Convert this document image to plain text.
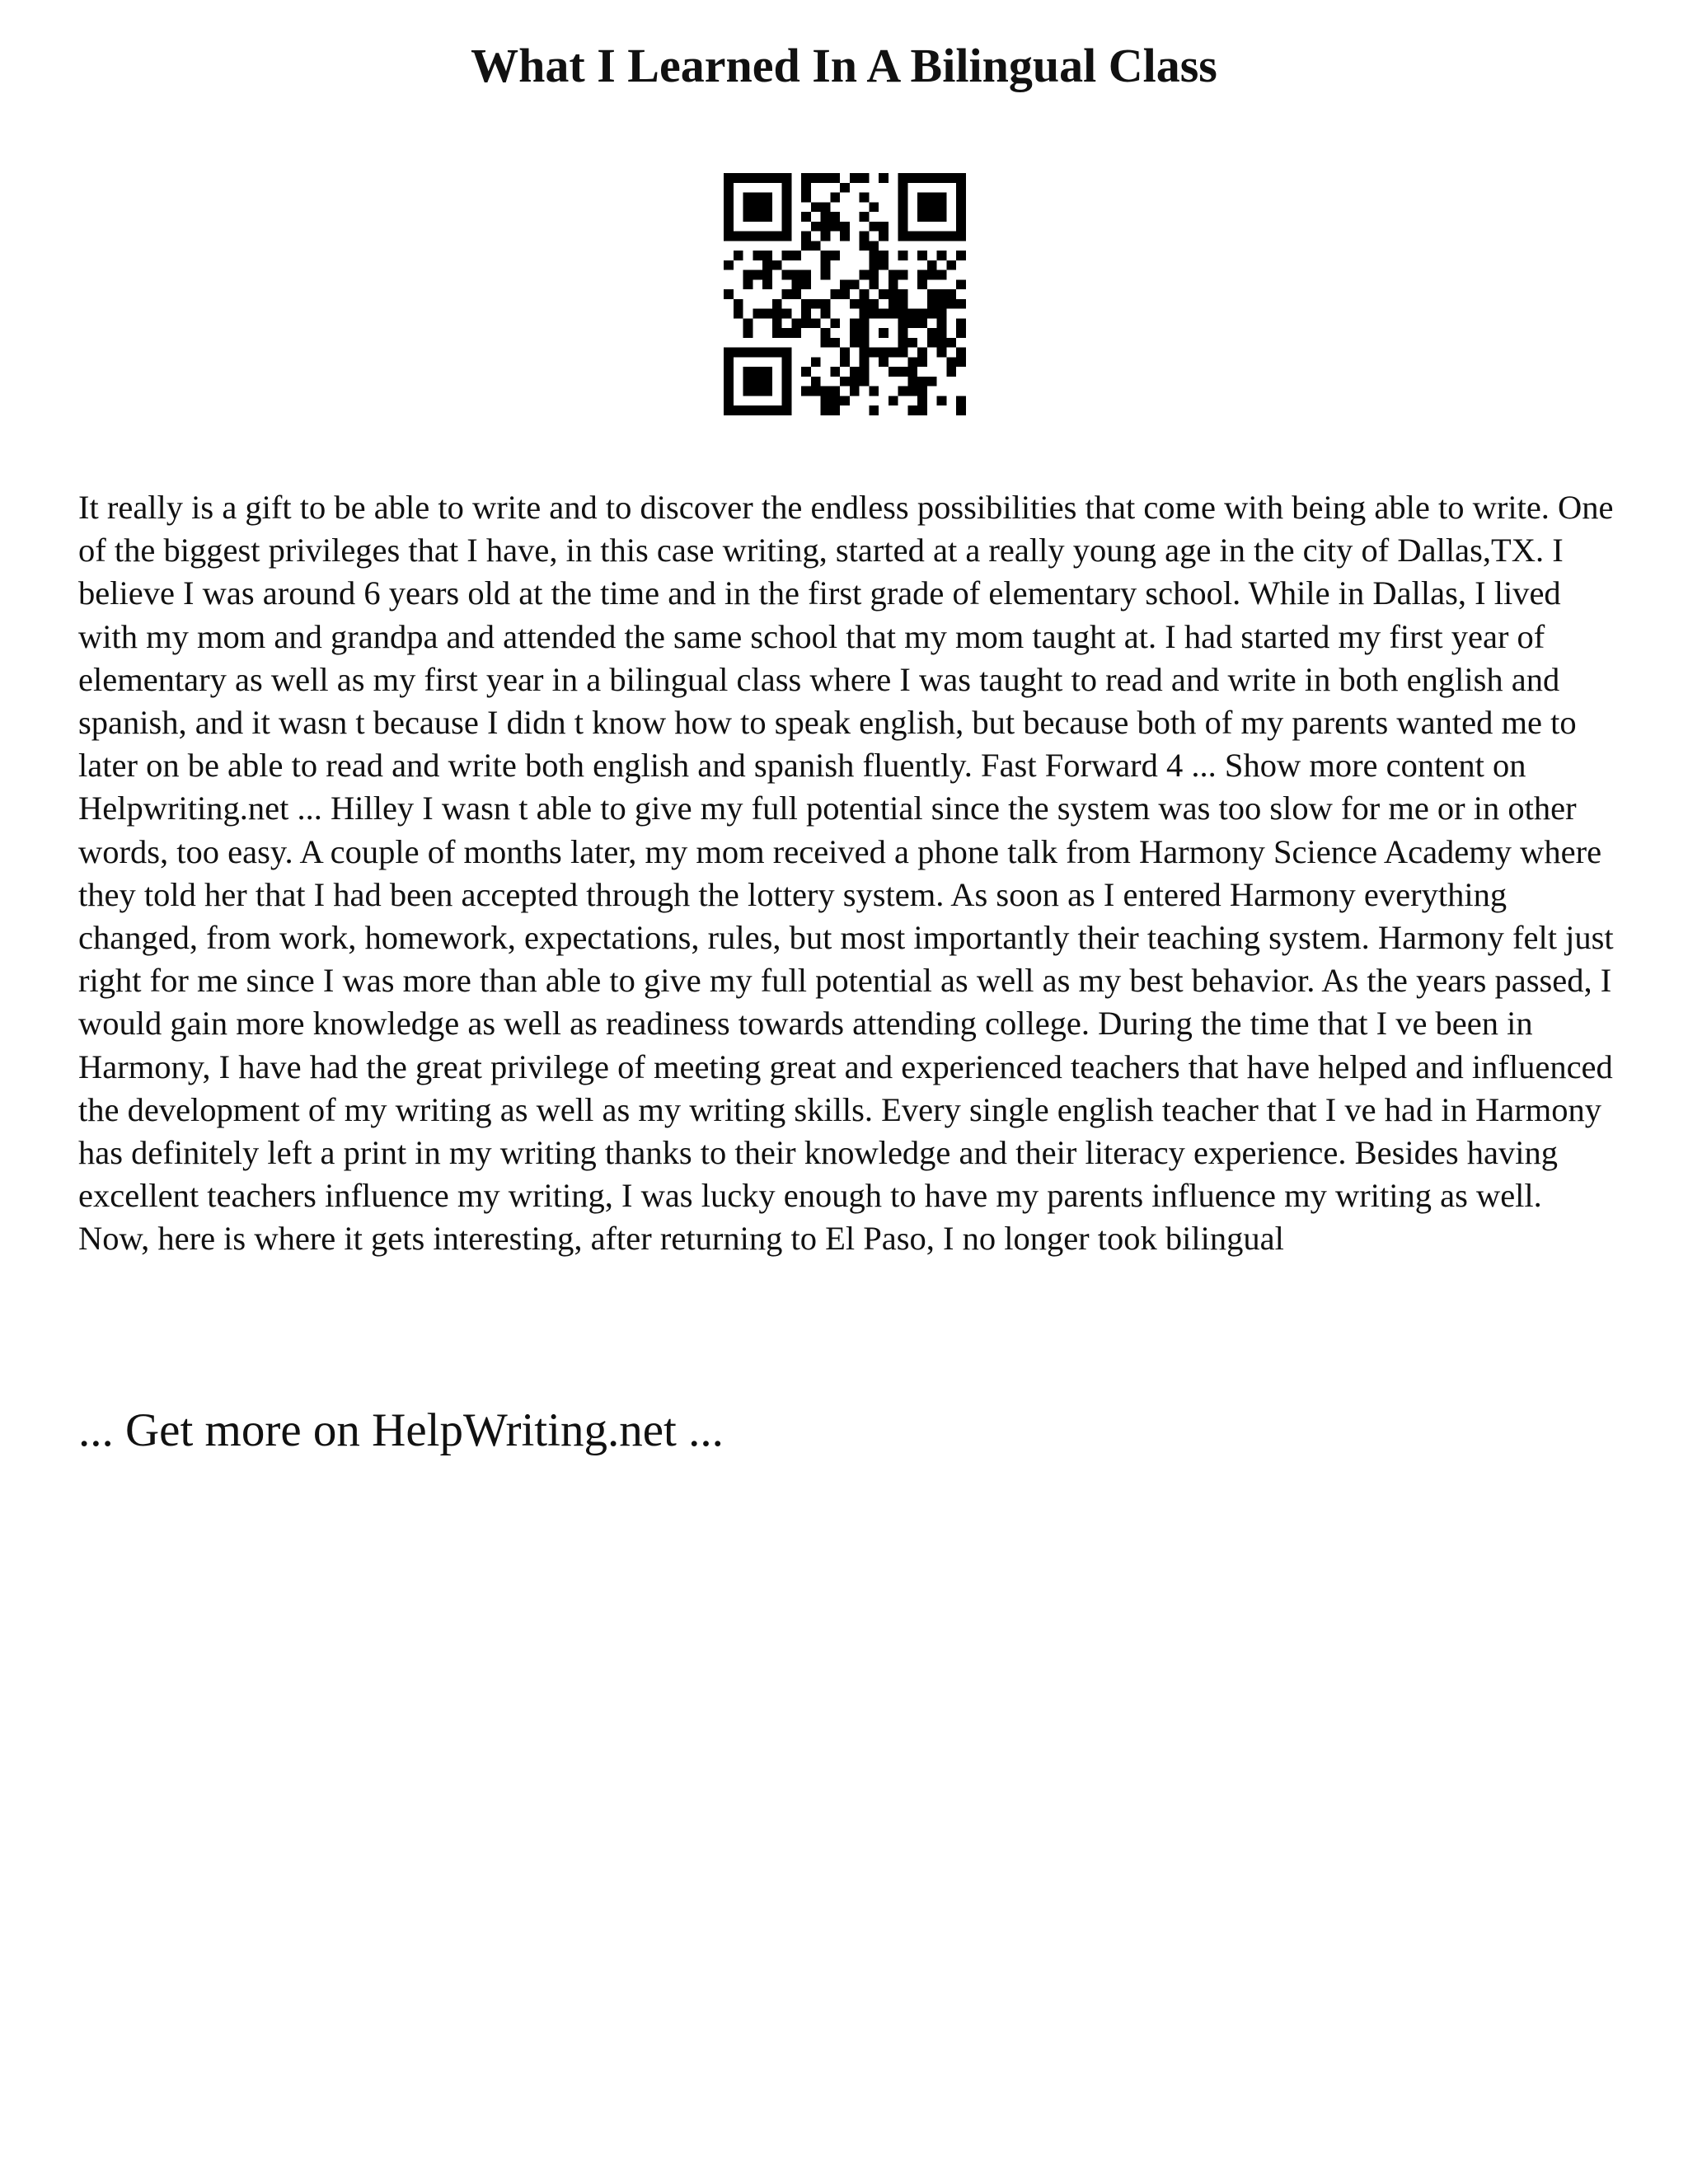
What I Learned In A Bilingual Class

It really is a gift to be able to write and to discover the endless possibilities that come with being able to write. One of the biggest privileges that I have, in this case writing, started at a really young age in the city of Dallas,TX. I believe I was around 6 years old at the time and in the first grade of elementary school. While in Dallas, I lived with my mom and grandpa and attended the same school that my mom taught at. I had started my first year of elementary as well as my first year in a bilingual class where I was taught to read and write in both english and spanish, and it wasn t because I didn t know how to speak english, but because both of my parents wanted me to later on be able to read and write both english and spanish fluently. Fast Forward 4 ... Show more content on Helpwriting.net ... Hilley I wasn t able to give my full potential since the system was too slow for me or in other words, too easy. A couple of months later, my mom received a phone talk from Harmony Science Academy where they told her that I had been accepted through the lottery system. As soon as I entered Harmony everything changed, from work, homework, expectations, rules, but most importantly their teaching system. Harmony felt just right for me since I was more than able to give my full potential as well as my best behavior. As the years passed, I would gain more knowledge as well as readiness towards attending college. During the time that I ve been in Harmony, I have had the great privilege of meeting great and experienced teachers that have helped and influenced the development of my writing as well as my writing skills. Every single english teacher that I ve had in Harmony has definitely left a print in my writing thanks to their knowledge and their literacy experience. Besides having excellent teachers influence my writing, I was lucky enough to have my parents influence my writing as well. Now, here is where it gets interesting, after returning to El Paso, I no longer took bilingual

... Get more on HelpWriting.net ...
